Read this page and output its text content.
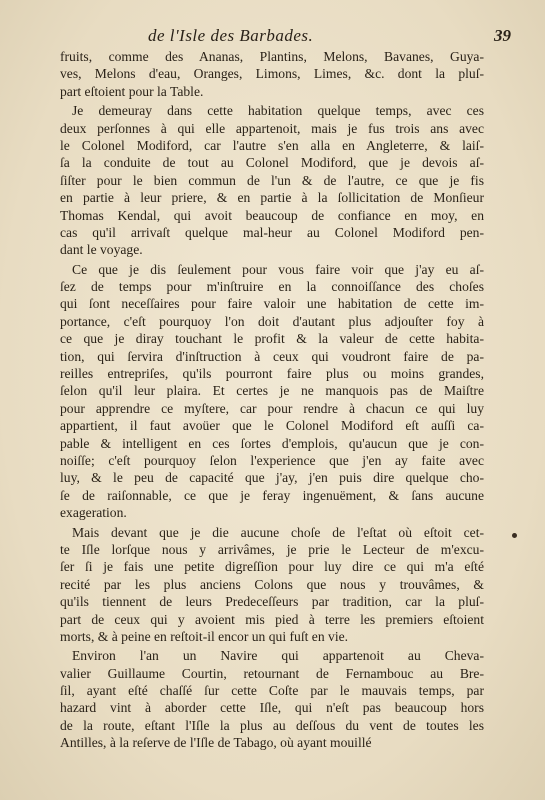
de l'Isle des Barbades.	39
fruits, comme des Ananas, Plantins, Melons, Bavanes, Guya-
ves, Melons d'eau, Oranges, Limons, Limes, &c. dont la pluſ-
part eſtoient pour la Table.
Je demeuray dans cette habitation quelque temps, avec ces
deux perſonnes à qui elle appartenoit, mais je fus trois ans avec
le Colonel Modiford, car l'autre s'en alla en Angleterre, & laiſ-
ſa la conduite de tout au Colonel Modiford, que je devois aſ-
ſiſter pour le bien commun de l'un & de l'autre, ce que je fis
en partie à leur priere, & en partie à la ſollicitation de Monſieur
Thomas Kendal, qui avoit beaucoup de confiance en moy, en
cas qu'il arrivaſt quelque mal-heur au Colonel Modiford pen-
dant le voyage.
Ce que je dis ſeulement pour vous faire voir que j'ay eu aſ-
ſez de temps pour m'inſtruire en la connoiſſance des choſes
qui ſont neceſſaires pour faire valoir une habitation de cette im-
portance, c'eſt pourquoy l'on doit d'autant plus adjouſter foy à
ce que je diray touchant le profit & la valeur de cette habita-
tion, qui ſervira d'inſtruction à ceux qui voudront faire de pa-
reilles entrepriſes, qu'ils pourront faire plus ou moins grandes,
ſelon qu'il leur plaira. Et certes je ne manquois pas de Maiſtre
pour apprendre ce myſtere, car pour rendre à chacun ce qui luy
appartient, il faut avoüer que le Colonel Modiford eſt auſſi ca-
pable & intelligent en ces ſortes d'emplois, qu'aucun que je con-
noiſſe; c'eſt pourquoy ſelon l'experience que j'en ay faite avec
luy, & le peu de capacité que j'ay, j'en puis dire quelque cho-
ſe de raiſonnable, ce que je feray ingenuëment, & ſans aucune
exageration.
Mais devant que je die aucune choſe de l'eſtat où eſtoit cet-
te Iſle lorſque nous y arrivâmes, je prie le Lecteur de m'excu-
ſer ſi je fais une petite digreſſion pour luy dire ce qui m'a eſté
recité par les plus anciens Colons que nous y trouvâmes, &
qu'ils tiennent de leurs Predeceſſeurs par tradition, car la pluſ-
part de ceux qui y avoient mis pied à terre les premiers eſtoient
morts, & à peine en reſtoit-il encor un qui fuſt en vie.
Environ l'an un Navire qui appartenoit au Cheva-
valier Guillaume Courtin, retournant de Fernambouc au Bre-
ſil, ayant eſté chaſſé ſur cette Coſte par le mauvais temps, par
hazard vint à aborder cette Iſle, qui n'eſt pas beaucoup hors
de la route, eſtant l'Iſle la plus au deſſous du vent de toutes les
Antilles, à la reſerve de l'Iſle de Tabago, où ayant mouillé
